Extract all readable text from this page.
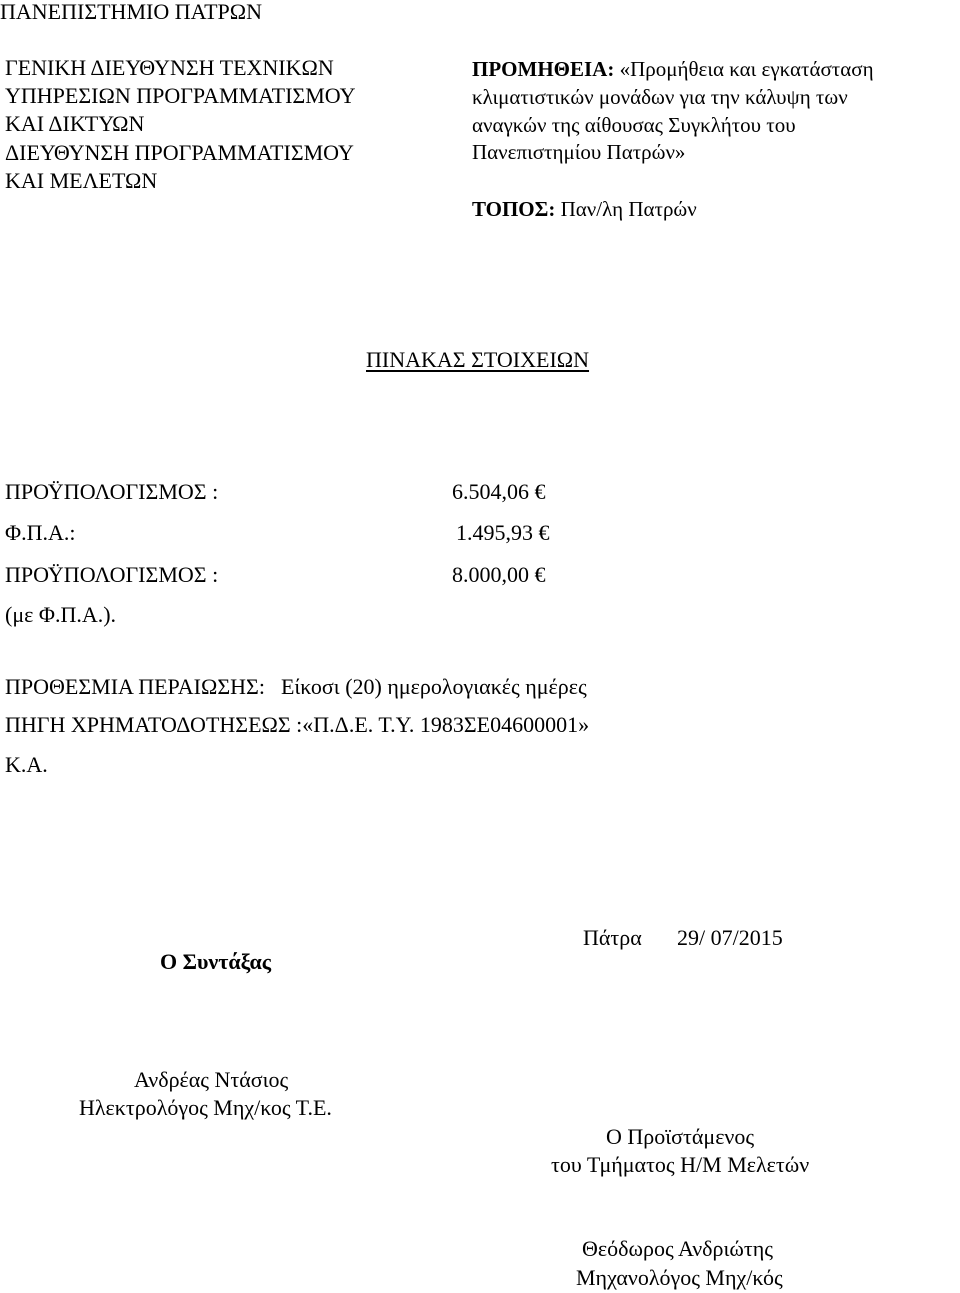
ΠΑΝΕΠΙΣΤΗΜΙΟ ΠΑΤΡΩΝ
ΓΕΝΙΚΗ ΔΙΕΥΘΥΝΣΗ ΤΕΧΝΙΚΩΝ
ΥΠΗΡΕΣΙΩΝ ΠΡΟΓΡΑΜΜΑΤΙΣΜΟΥ
ΚΑΙ ΔΙΚΤΥΩΝ
ΔΙΕΥΘΥΝΣΗ ΠΡΟΓΡΑΜΜΑΤΙΣΜΟΥ
ΚΑΙ ΜΕΛΕΤΩΝ
ΠΡΟΜΗΘΕΙΑ: «Προμήθεια και εγκατάσταση
κλιματιστικών μονάδων για την κάλυψη των
αναγκών της αίθουσας Συγκλήτου του
Πανεπιστημίου Πατρών»
ΤΟΠΟΣ: Παν/λη Πατρών
ΠΙΝΑΚΑΣ ΣΤΟΙΧΕΙΩΝ
ΠΡΟΫΠΟΛΟΓΙΣΜΟΣ :	6.504,06 €
Φ.Π.Α.:	1.495,93 €
ΠΡΟΫΠΟΛΟΓΙΣΜΟΣ :	8.000,00 €
(με Φ.Π.Α.).
ΠΡΟΘΕΣΜΙΑ ΠΕΡΑΙΩΣΗΣ: Είκοσι (20) ημερολογιακές ημέρες
ΠΗΓΗ ΧΡΗΜΑΤΟΔΟΤΗΣΕΩΣ :«Π.Δ.Ε. Τ.Υ. 1983ΣΕ04600001»
Κ.Α.
Πάτρα 29/ 07/2015
Ο Συντάξας
Ανδρέας Ντάσιος
Ηλεκτρολόγος Μηχ/κος Τ.Ε.
Ο Προϊστάμενος
του Τμήματος Η/Μ Μελετών
Θεόδωρος Ανδριώτης
Μηχανολόγος Μηχ/κός
